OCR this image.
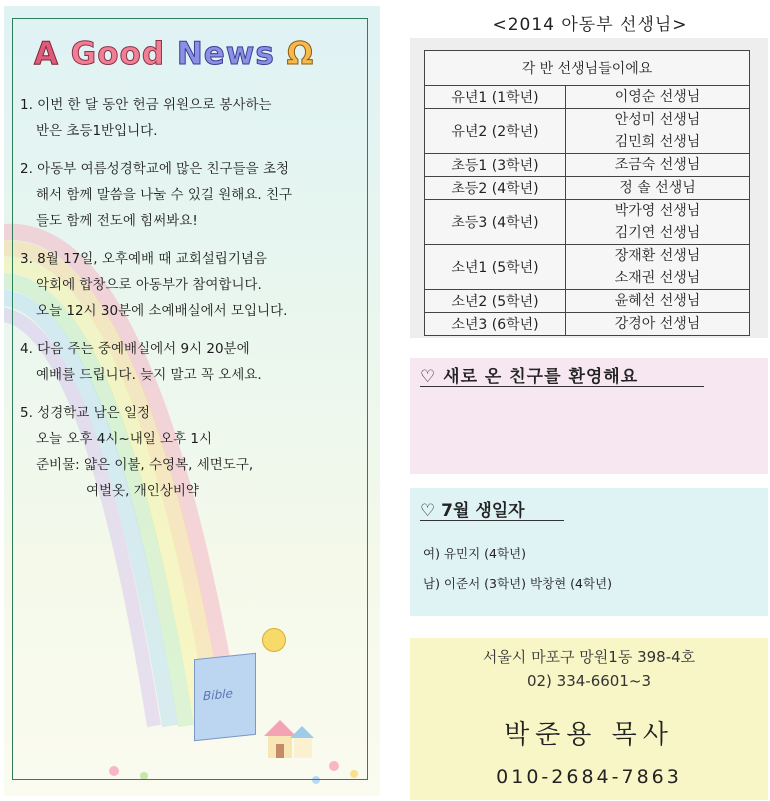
A Good News Ω
1. 이번 한 달 동안 헌금 위원으로 봉사하는
반은 초등1반입니다.
2. 아동부 여름성경학교에 많은 친구들을 초청
해서 함께 말씀을 나눌 수 있길 원해요. 친구
들도 함께 전도에 힘써봐요!
3. 8월 17일, 오후예배 때 교회설립기념음
악회에 합창으로 아동부가 참여합니다.
오늘 12시 30분에 소예배실에서 모입니다.
4. 다음 주는 중예배실에서 9시 20분에
예배를 드립니다. 늦지 말고 꼭 오세요.
5. 성경학교 남은 일정
오늘 오후 4시~내일 오후 1시
준비물: 얇은 이불, 수영복, 세면도구,
여벌옷, 개인상비약
Bible
<2014 아동부 선생님>
각 반 선생님들이에요	
유년1 (1학년)	이영순 선생님

유년2 (2학년)	안성미 선생님
김민희 선생님

초등1 (3학년)	조금숙 선생님

초등2 (4학년)	정 솔 선생님

초등3 (4학년)	박가영 선생님
김기연 선생님

소년1 (5학년)	장재환 선생님
소재권 선생님

소년2 (5학년)	윤혜선 선생님

소년3 (6학년)	강경아 선생님
♡ 새로 온 친구를 환영해요
♡ 7월 생일자
여) 유민지 (4학년)
남) 이준서 (3학년) 박창현 (4학년)
서울시 마포구 망원1동 398-4호
02) 334-6601~3
박준용 목사
010-2684-7863
